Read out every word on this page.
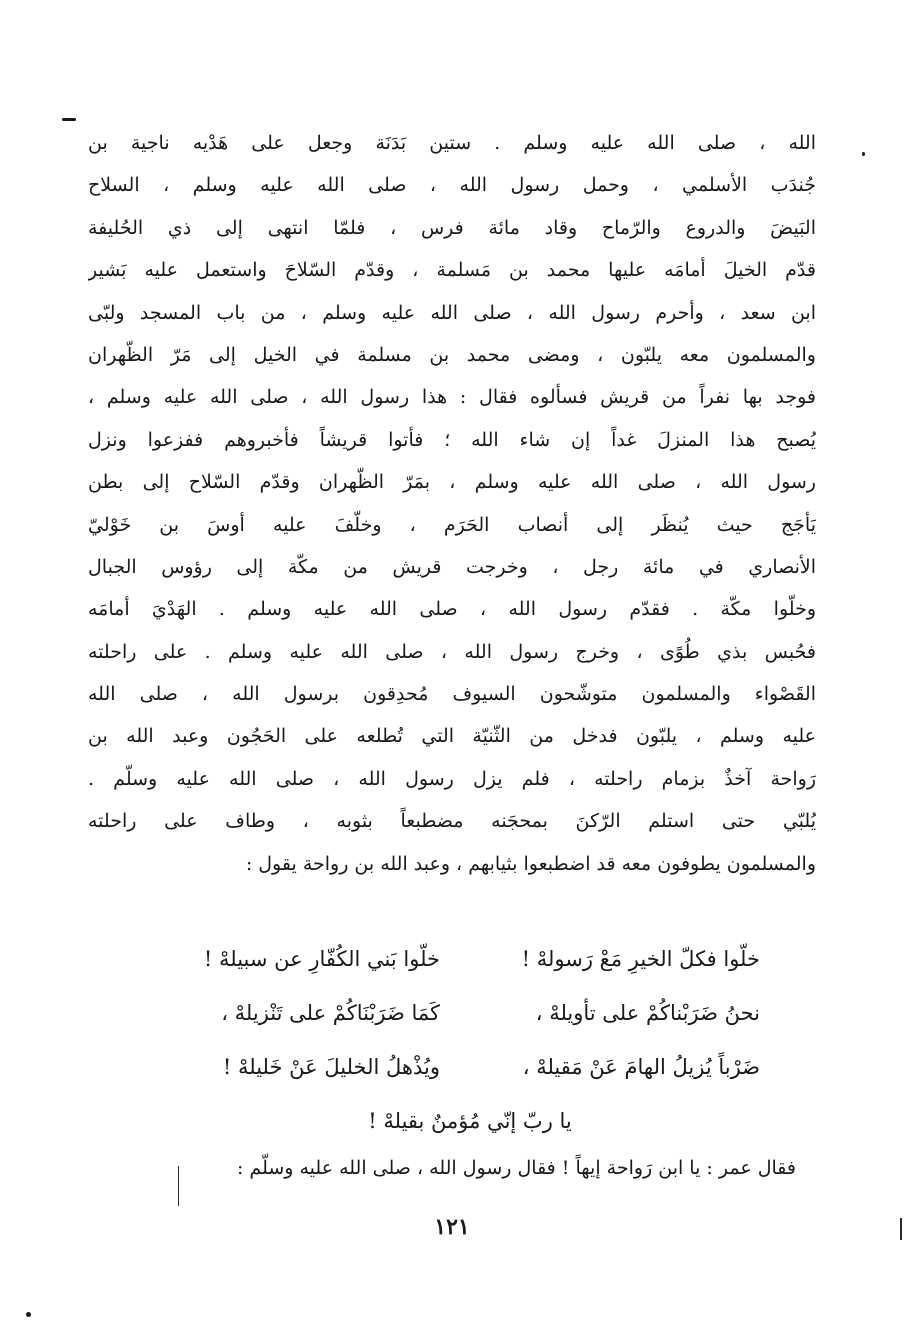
الله ، صلى الله عليه وسلم . ستين بَدَنَة وجعل على هَدْيه ناجية بن
جُندَب الأسلمي ، وحمل رسول الله ، صلى الله عليه وسلم ، السلاح
البَيضَ والدروع والرّماح وقاد مائة فرس ، فلمّا انتهى إلى ذي الحُليفة
قدّم الخيلَ أمامَه عليها محمد بن مَسلمة ، وقدّم السّلاحَ واستعمل عليه بَشير
ابن سعد ، وأحرم رسول الله ، صلى الله عليه وسلم ، من باب المسجد ولبّى
والمسلمون معه يلبّون ، ومضى محمد بن مسلمة في الخيل إلى مَرّ الظّهران
فوجد بها نفراً من قريش فسألوه فقال : هذا رسول الله ، صلى الله عليه وسلم ،
يُصبح هذا المنزلَ غداً إن شاء الله ؛ فأتوا قريشاً فأخبروهم ففزعوا ونزل
رسول الله ، صلى الله عليه وسلم ، بمَرّ الظّهران وقدّم السّلاح إلى بطن
يَأجَج حيث يُنظَر إلى أنصاب الحَرَم ، وخلّفَ عليه أوسَ بن خَوْليّ
الأنصاري في مائة رجل ، وخرجت قريش من مكّة إلى رؤوس الجبال
وخلّوا مكّة . فقدّم رسول الله ، صلى الله عليه وسلم . الهَدْيَ أمامَه
فحُبس بذي طُوًى ، وخرج رسول الله ، صلى الله عليه وسلم . على راحلته
القَصْواء والمسلمون متوشّحون السيوف مُحدِقون برسول الله ، صلى الله
عليه وسلم ، يلبّون فدخل من الثّنيّة التي تُطلعه على الحَجُون وعبد الله بن
رَواحة آخذٌ بزمام راحلته ، فلم يزل رسول الله ، صلى الله عليه وسلّم .
يُلبّي حتى استلم الرّكنَ بمحجَنه مضطبعاً بثوبه ، وطاف على راحلته
والمسلمون يطوفون معه قد اضطبعوا بثيابهم ، وعبد الله بن رواحة يقول :
خلّوا فكلّ الخيرِ مَعْ رَسولهْ !
خلّوا بَني الكُفّارِ عن سبيلهْ !
نحنُ ضَرَبْناكُمْ على تأويلهْ ،
كَمَا ضَرَبْنَاكُمْ على تَنْزيلهْ ،
ضَرْباً يُزيلُ الهامَ عَنْ مَقيلهْ ،
ويُذْهلُ الخليلَ عَنْ خَليلهْ !
يا ربّ إنّي مُؤمنٌ بقيلهْ !
فقال عمر : يا ابن رَواحة إيهاً ! فقال رسول الله ، صلى الله عليه وسلّم :
١٢١
